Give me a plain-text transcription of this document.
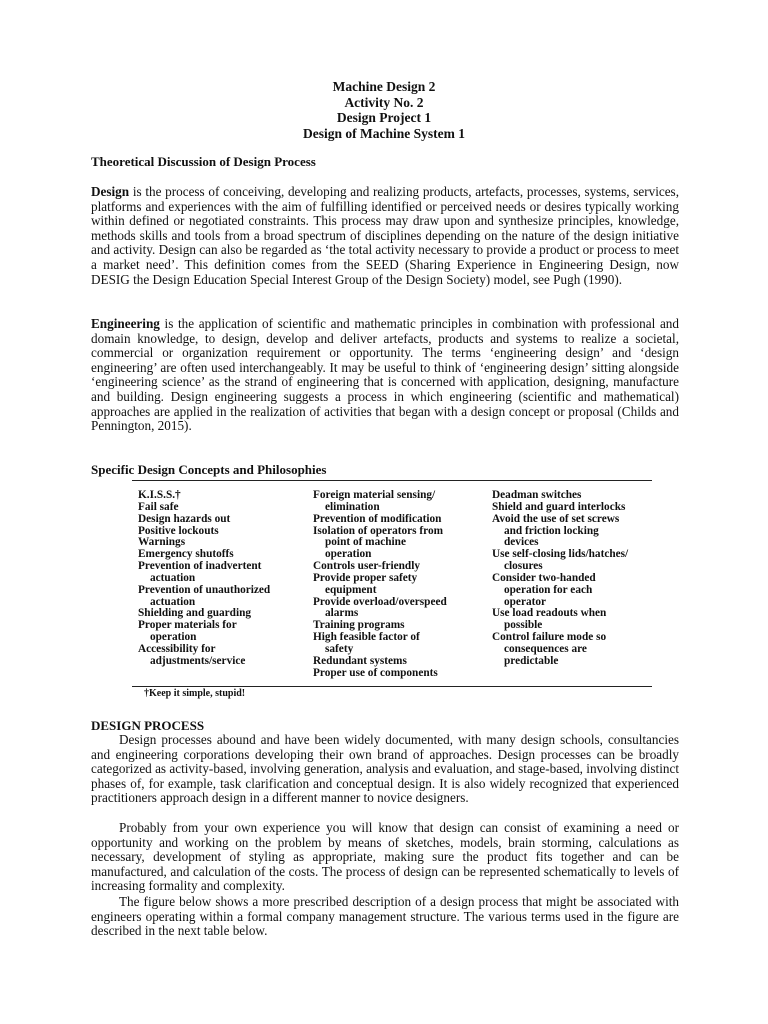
Machine Design 2
Activity No. 2
Design Project 1
Design of Machine System 1
Theoretical Discussion of Design Process
Design is the process of conceiving, developing and realizing products, artefacts, processes, systems, services, platforms and experiences with the aim of fulfilling identified or perceived needs or desires typically working within defined or negotiated constraints. This process may draw upon and synthesize principles, knowledge, methods skills and tools from a broad spectrum of disciplines depending on the nature of the design initiative and activity. Design can also be regarded as ‘the total activity necessary to provide a product or process to meet a market need’. This definition comes from the SEED (Sharing Experience in Engineering Design, now DESIG the Design Education Special Interest Group of the Design Society) model, see Pugh (1990).
Engineering is the application of scientific and mathematic principles in combination with professional and domain knowledge, to design, develop and deliver artefacts, products and systems to realize a societal, commercial or organization requirement or opportunity. The terms ‘engineering design’ and ‘design engineering’ are often used interchangeably. It may be useful to think of ‘engineering design’ sitting alongside ‘engineering science’ as the strand of engineering that is concerned with application, designing, manufacture and building. Design engineering suggests a process in which engineering (scientific and mathematical) approaches are applied in the realization of activities that began with a design concept or proposal (Childs and Pennington, 2015).
Specific Design Concepts and Philosophies
K.I.S.S.†
Fail safe
Design hazards out
Positive lockouts
Warnings
Emergency shutoffs
Prevention of inadvertent
actuation
Prevention of unauthorized
actuation
Shielding and guarding
Proper materials for
operation
Accessibility for
adjustments/service
Foreign material sensing/
elimination
Prevention of modification
Isolation of operators from
point of machine
operation
Controls user-friendly
Provide proper safety
equipment
Provide overload/overspeed
alarms
Training programs
High feasible factor of
safety
Redundant systems
Proper use of components
Deadman switches
Shield and guard interlocks
Avoid the use of set screws
and friction locking
devices
Use self-closing lids/hatches/
closures
Consider two-handed
operation for each
operator
Use load readouts when
possible
Control failure mode so
consequences are
predictable
†Keep it simple, stupid!
DESIGN PROCESS
Design processes abound and have been widely documented, with many design schools, consultancies and engineering corporations developing their own brand of approaches. Design processes can be broadly categorized as activity-based, involving generation, analysis and evaluation, and stage-based, involving distinct phases of, for example, task clarification and conceptual design. It is also widely recognized that experienced practitioners approach design in a different manner to novice designers.
Probably from your own experience you will know that design can consist of examining a need or opportunity and working on the problem by means of sketches, models, brain storming, calculations as necessary, development of styling as appropriate, making sure the product fits together and can be manufactured, and calculation of the costs. The process of design can be represented schematically to levels of increasing formality and complexity.
The figure below shows a more prescribed description of a design process that might be associated with engineers operating within a formal company management structure. The various terms used in the figure are described in the next table below.
